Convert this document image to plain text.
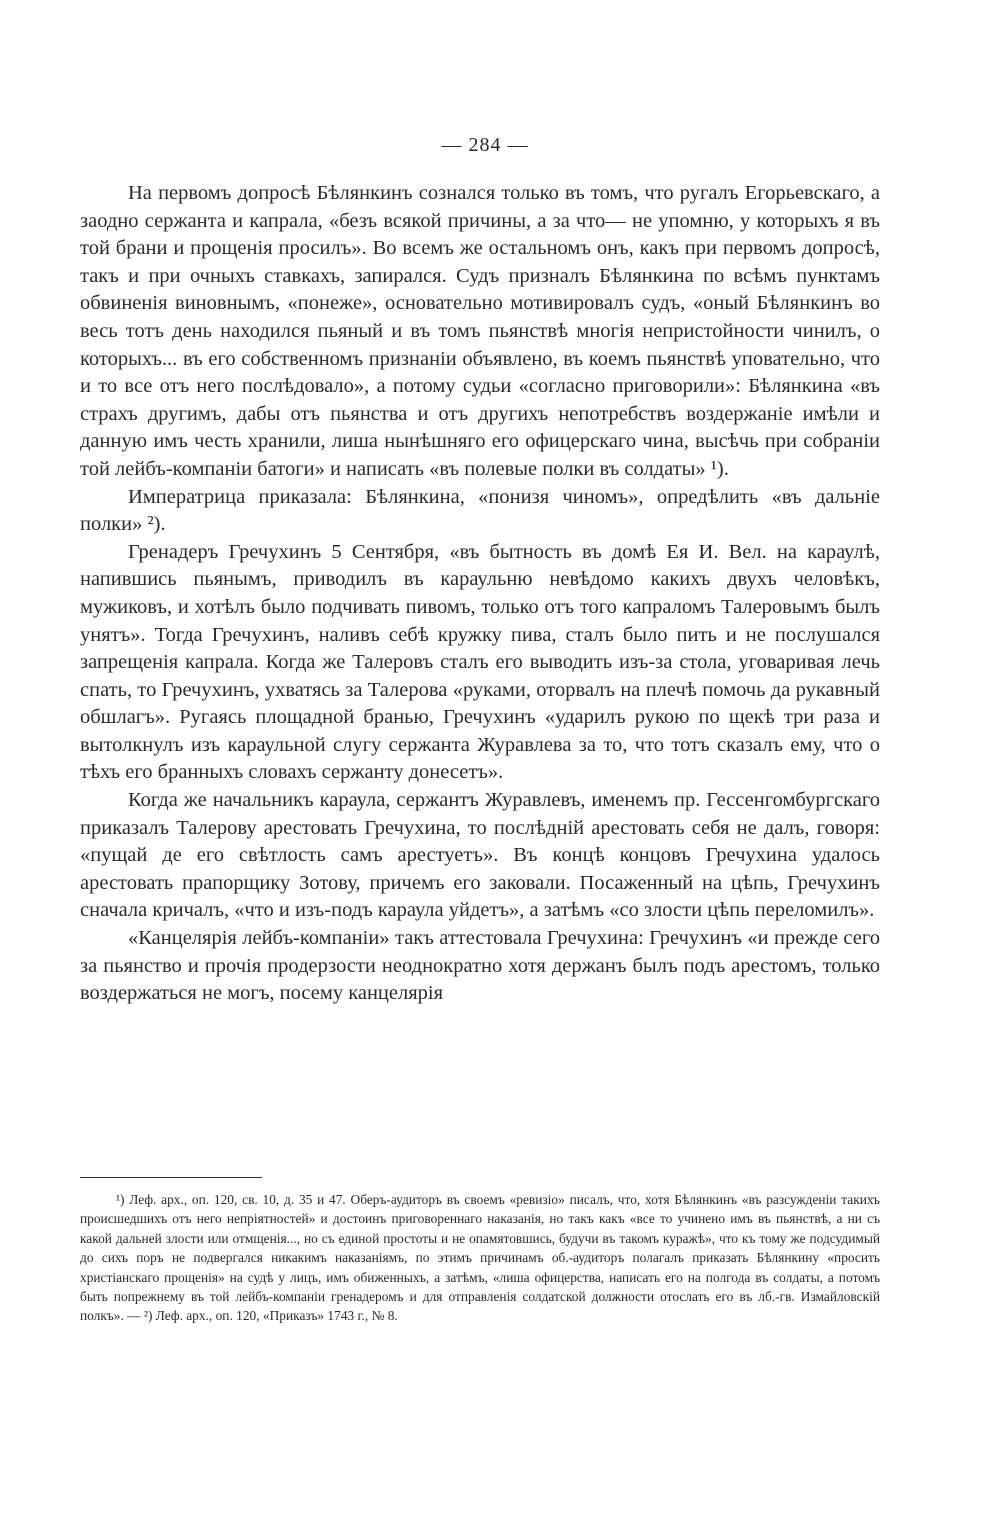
— 284 —

На первомъ допросѣ Бѣлянкинъ сознался только въ томъ, что ругалъ Егорьевскаго, а заодно сержанта и капрала, «безъ всякой причины, а за что— не упомню, у которыхъ я въ той брани и прощенія просилъ». Во всемъ же остальномъ онъ, какъ при первомъ допросѣ, такъ и при очныхъ ставкахъ, запирался. Судъ призналъ Бѣлянкина по всѣмъ пунктамъ обвиненія виновнымъ, «понеже», основательно мотивировалъ судъ, «оный Бѣлянкинъ во весь тотъ день находился пьяный и въ томъ пьянствѣ многія непристойности чинилъ, о которыхъ... въ его собственномъ признаніи объявлено, въ коемъ пьянствѣ уповательно, что и то все отъ него послѣдовало», а потому судьи «согласно приговорили»: Бѣлянкина «въ страхъ другимъ, дабы отъ пьянства и отъ другихъ непотребствъ воздержаніе имѣли и данную имъ честь хранили, лиша нынѣшняго его офицерскаго чина, высѣчь при собраніи той лейбъ-компаніи батоги» и написать «въ полевые полки въ солдаты» ¹).

Императрица приказала: Бѣлянкина, «понизя чиномъ», опредѣлить «въ дальніе полки» ²).

Гренадеръ Гречухинъ 5 Сентября, «въ бытность въ домѣ Ея И. Вел. на караулѣ, напившись пьянымъ, приводилъ въ караульню невѣдомо какихъ двухъ человѣкъ, мужиковъ, и хотѣлъ было подчивать пивомъ, только отъ того капраломъ Талеровымъ былъ унятъ». Тогда Гречухинъ, наливъ себѣ кружку пива, сталъ было пить и не послушался запрещенія капрала. Когда же Талеровъ сталъ его выводить изъ-за стола, уговаривая лечь спать, то Гречухинъ, ухватясь за Талерова «руками, оторвалъ на плечѣ помочь да рукавный обшлагъ». Ругаясь площадной бранью, Гречухинъ «ударилъ рукою по щекѣ три раза и вытолкнулъ изъ караульной слугу сержанта Журавлева за то, что тотъ сказалъ ему, что о тѣхъ его бранныхъ словахъ сержанту донесетъ».

Когда же начальникъ караула, сержантъ Журавлевъ, именемъ пр. Гессенгомбургскаго приказалъ Талерову арестовать Гречухина, то послѣдній арестовать себя не далъ, говоря: «пущай де его свѣтлость самъ арестуетъ». Въ концѣ концовъ Гречухина удалось арестовать прапорщику Зотову, причемъ его заковали. Посаженный на цѣпь, Гречухинъ сначала кричалъ, «что и изъ-подъ караула уйдетъ», а затѣмъ «со злости цѣпь переломилъ».

«Канцелярія лейбъ-компаніи» такъ аттестовала Гречухина: Гречухинъ «и прежде сего за пьянство и прочія продерзости неоднократно хотя держанъ былъ подъ арестомъ, только воздержаться не могъ, посему канцелярія

¹) Леф. арх., оп. 120, св. 10, д. 35 и 47. Оберъ-аудиторъ въ своемъ «ревизіо» писалъ, что, хотя Бѣлянкинъ «въ разсужденіи такихъ происшедшихъ отъ него непріятностей» и достоинъ приговореннаго наказанія, но такъ какъ «все то учинено имъ въ пьянствѣ, а ни съ какой дальней злости или отмщенія..., но съ единой простоты и не опамятовшись, будучи въ такомъ куражѣ», что къ тому же подсудимый до сихъ поръ не подвергался никакимъ наказаніямъ, по этимъ причинамъ об.-аудиторъ полагалъ приказать Бѣлянкину «просить христіанскаго прощенія» на судѣ у лицъ, имъ обиженныхъ, а затѣмъ, «лиша офицерства, написать его на полгода въ солдаты, а потомъ быть попрежнему въ той лейбъ-компаніи гренадеромъ и для отправленія солдатской должности отослать его въ лб.-гв. Измайловскій полкъ». — ²) Леф. арх., оп. 120, «Приказъ» 1743 г., № 8.
